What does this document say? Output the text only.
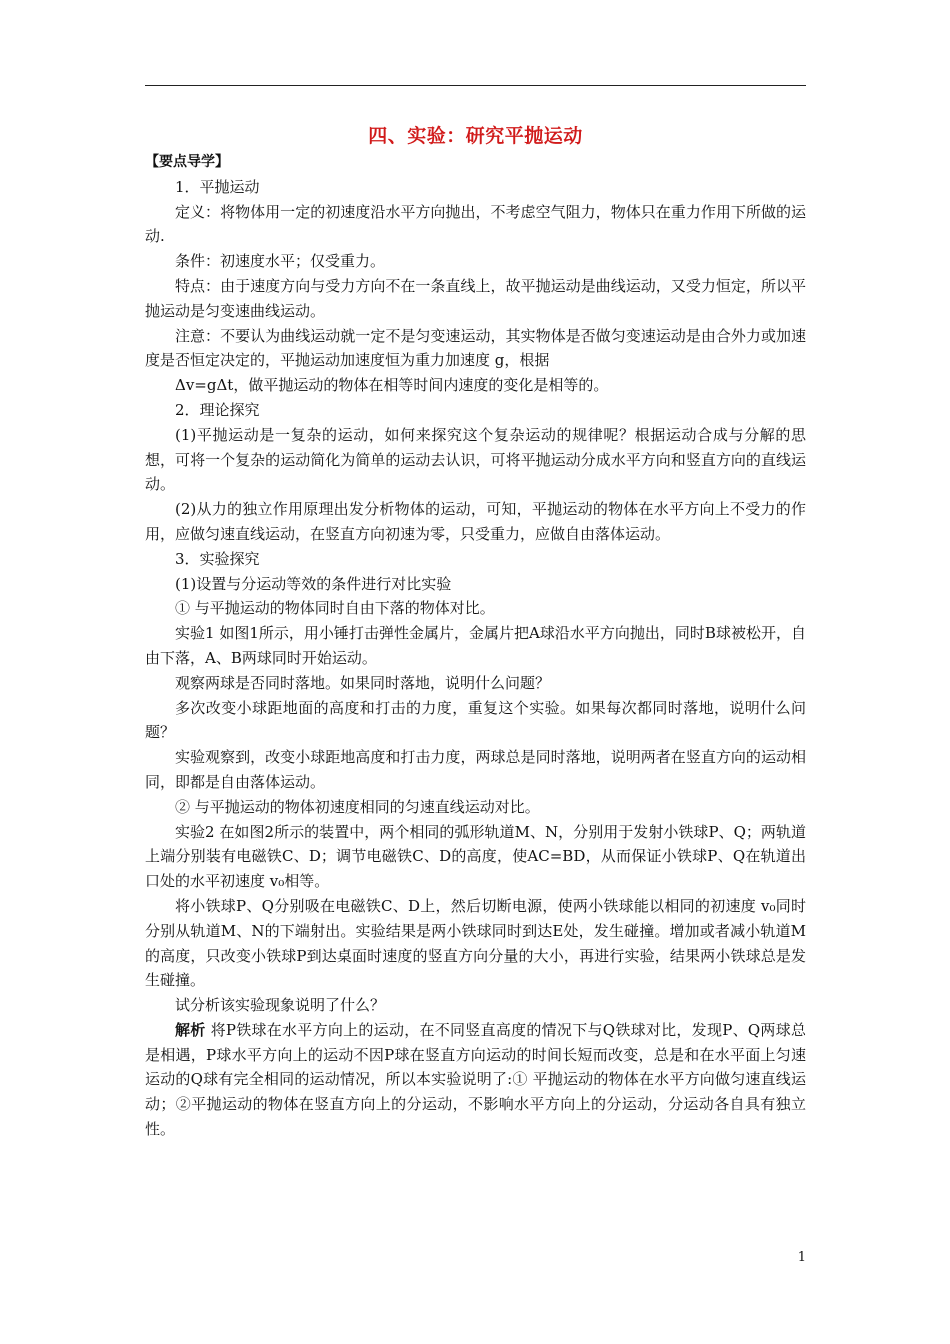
四、实验：研究平抛运动

【要点导学】

1．平抛运动

定义：将物体用一定的初速度沿水平方向抛出，不考虑空气阻力，物体只在重力作用下所做的运动.

条件：初速度水平；仅受重力。

特点：由于速度方向与受力方向不在一条直线上，故平抛运动是曲线运动，又受力恒定，所以平抛运动是匀变速曲线运动。

注意：不要认为曲线运动就一定不是匀变速运动，其实物体是否做匀变速运动是由合外力或加速度是否恒定决定的，平抛运动加速度恒为重力加速度 g，根据

Δv=gΔt，做平抛运动的物体在相等时间内速度的变化是相等的。

2．理论探究

(1)平抛运动是一复杂的运动，如何来探究这个复杂运动的规律呢？根据运动合成与分解的思想，可将一个复杂的运动简化为简单的运动去认识，可将平抛运动分成水平方向和竖直方向的直线运动。

(2)从力的独立作用原理出发分析物体的运动，可知，平抛运动的物体在水平方向上不受力的作用，应做匀速直线运动，在竖直方向初速为零，只受重力，应做自由落体运动。

3．实验探究

(1)设置与分运动等效的条件进行对比实验

① 与平抛运动的物体同时自由下落的物体对比。

实验1 如图1所示，用小锤打击弹性金属片，金属片把A球沿水平方向抛出，同时B球被松开，自由下落，A、B两球同时开始运动。

观察两球是否同时落地。如果同时落地，说明什么问题？

多次改变小球距地面的高度和打击的力度，重复这个实验。如果每次都同时落地，说明什么问题？

实验观察到，改变小球距地高度和打击力度，两球总是同时落地，说明两者在竖直方向的运动相同，即都是自由落体运动。

② 与平抛运动的物体初速度相同的匀速直线运动对比。

实验2 在如图2所示的装置中，两个相同的弧形轨道M、N，分别用于发射小铁球P、Q；两轨道上端分别装有电磁铁C、D；调节电磁铁C、D的高度，使AC=BD，从而保证小铁球P、Q在轨道出口处的水平初速度 v₀相等。

将小铁球P、Q分别吸在电磁铁C、D上，然后切断电源，使两小铁球能以相同的初速度 v₀同时分别从轨道M、N的下端射出。实验结果是两小铁球同时到达E处，发生碰撞。增加或者减小轨道M的高度，只改变小铁球P到达桌面时速度的竖直方向分量的大小，再进行实验，结果两小铁球总是发生碰撞。

试分析该实验现象说明了什么？

解析 将P铁球在水平方向上的运动，在不同竖直高度的情况下与Q铁球对比，发现P、Q两球总是相遇，P球水平方向上的运动不因P球在竖直方向运动的时间长短而改变，总是和在水平面上匀速运动的Q球有完全相同的运动情况，所以本实验说明了:① 平抛运动的物体在水平方向做匀速直线运动；②平抛运动的物体在竖直方向上的分运动，不影响水平方向上的分运动，分运动各自具有独立性。

1
